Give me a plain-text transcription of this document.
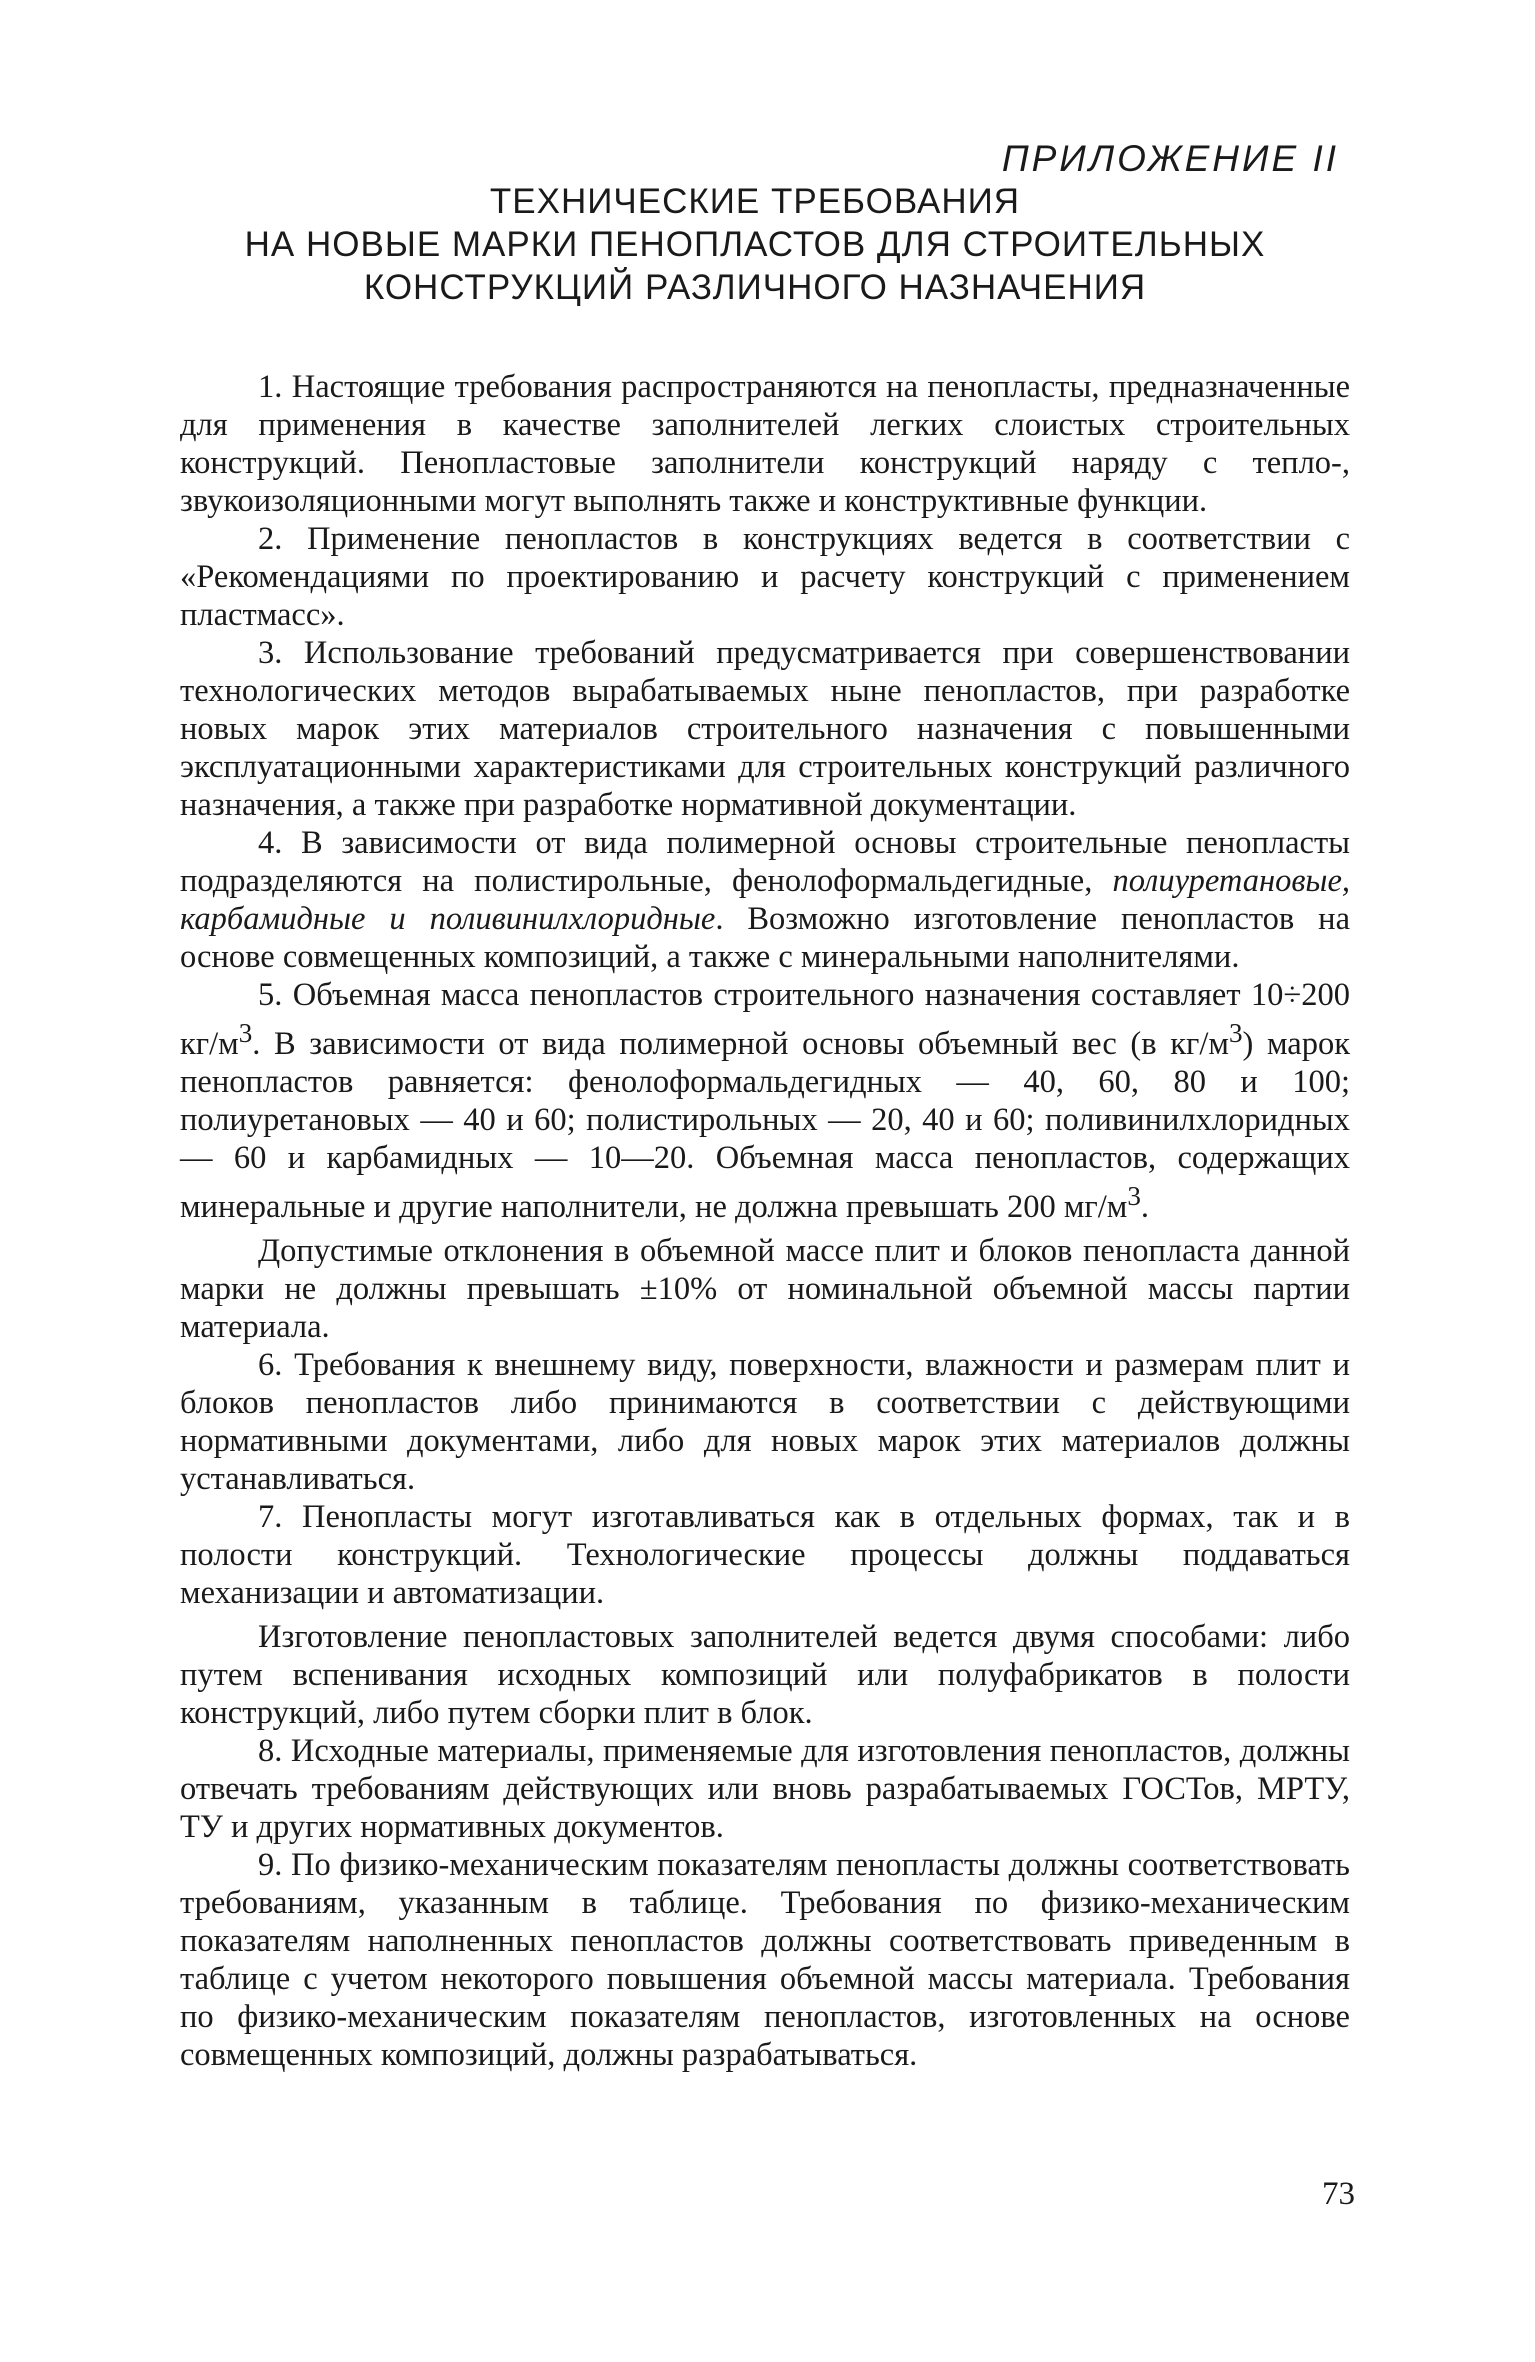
ПРИЛОЖЕНИЕ II
ТЕХНИЧЕСКИЕ ТРЕБОВАНИЯ
НА НОВЫЕ МАРКИ ПЕНОПЛАСТОВ ДЛЯ СТРОИТЕЛЬНЫХ
КОНСТРУКЦИЙ РАЗЛИЧНОГО НАЗНАЧЕНИЯ

1. Настоящие требования распространяются на пенопласты, предназначенные для применения в качестве заполнителей легких слоистых строительных конструкций. Пенопластовые заполнители конструкций наряду с тепло-, звукоизоляционными могут выполнять также и конструктивные функции.

2. Применение пенопластов в конструкциях ведется в соответствии с «Рекомендациями по проектированию и расчету конструкций с применением пластмасс».

3. Использование требований предусматривается при совершенствовании технологических методов вырабатываемых ныне пенопластов, при разработке новых марок этих материалов строительного назначения с повышенными эксплуатационными характеристиками для строительных конструкций различного назначения, а также при разработке нормативной документации.

4. В зависимости от вида полимерной основы строительные пенопласты подразделяются на полистирольные, фенолоформальдегидные, полиуретановые, карбамидные и поливинилхлоридные. Возможно изготовление пенопластов на основе совмещенных композиций, а также с минеральными наполнителями.

5. Объемная масса пенопластов строительного назначения составляет 10÷200 $кг/м^3$. В зависимости от вида полимерной основы объемный вес (в $кг/м^3$) марок пенопластов равняется: фенолоформальдегидных — 40, 60, 80 и 100; полиуретановых — 40 и 60; полистирольных — 20, 40 и 60; поливинилхлоридных — 60 и карбамидных — 10—20. Объемная масса пенопластов, содержащих минеральные и другие наполнители, не должна превышать 200 $мг/м^3$.

Допустимые отклонения в объемной массе плит и блоков пенопласта данной марки не должны превышать ±10% от номинальной объемной массы партии материала.

6. Требования к внешнему виду, поверхности, влажности и размерам плит и блоков пенопластов либо принимаются в соответствии с действующими нормативными документами, либо для новых марок этих материалов должны устанавливаться.

7. Пенопласты могут изготавливаться как в отдельных формах, так и в полости конструкций. Технологические процессы должны поддаваться механизации и автоматизации.

Изготовление пенопластовых заполнителей ведется двумя способами: либо путем вспенивания исходных композиций или полуфабрикатов в полости конструкций, либо путем сборки плит в блок.

8. Исходные материалы, применяемые для изготовления пенопластов, должны отвечать требованиям действующих или вновь разрабатываемых ГОСТов, МРТУ, ТУ и других нормативных документов.

9. По физико-механическим показателям пенопласты должны соответствовать требованиям, указанным в таблице. Требования по физико-механическим показателям наполненных пенопластов должны соответствовать приведенным в таблице с учетом некоторого повышения объемной массы материала. Требования по физико-механическим показателям пенопластов, изготовленных на основе совмещенных композиций, должны разрабатываться.

73
